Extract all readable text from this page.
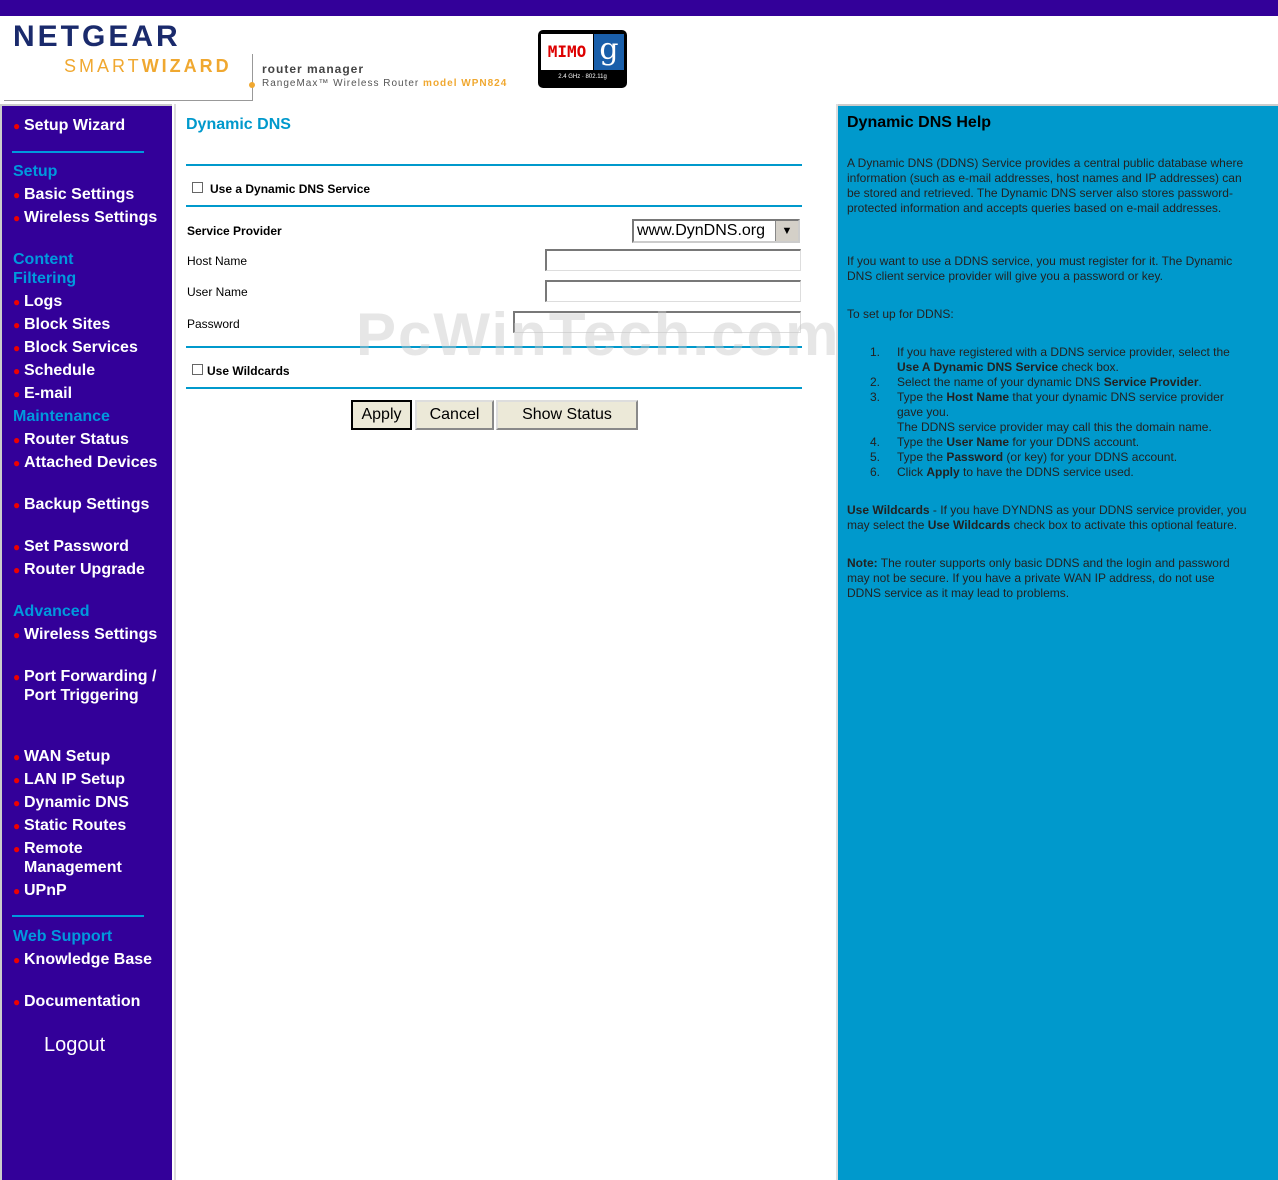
NETGEAR
SMARTWIZARD	router manager
RangeMax™ Wireless Router model WPN824
MIMO g
2.4 GHz · 802.11g
● Setup Wizard
Setup
● Basic Settings
● Wireless Settings
Content Filtering
● Logs
● Block Sites
● Block Services
● Schedule
● E-mail
Maintenance
● Router Status
● Attached Devices
● Backup Settings
● Set Password
● Router Upgrade
Advanced
● Wireless Settings
● Port Forwarding / Port Triggering
● WAN Setup
● LAN IP Setup
● Dynamic DNS
● Static Routes
● Remote Management
● UPnP
Web Support
● Knowledge Base
● Documentation
Logout
Dynamic DNS
Use a Dynamic DNS Service
Service Provider	www.DynDNS.org	▼
Host Name
User Name
Password
Use Wildcards
Apply	Cancel	Show Status
Dynamic DNS Help
A Dynamic DNS (DDNS) Service provides a central public database where information (such as e-mail addresses, host names and IP addresses) can be stored and retrieved. The Dynamic DNS server also stores password-protected information and accepts queries based on e-mail addresses.
If you want to use a DDNS service, you must register for it. The Dynamic DNS client service provider will give you a password or key.
To set up for DDNS:
1.	If you have registered with a DDNS service provider, select the Use A Dynamic DNS Service check box.
2.	Select the name of your dynamic DNS Service Provider.
3.	Type the Host Name that your dynamic DNS service provider gave you.
The DDNS service provider may call this the domain name.
4.	Type the User Name for your DDNS account.
5.	Type the Password (or key) for your DDNS account.
6.	Click Apply to have the DDNS service used.
Use Wildcards - If you have DYNDNS as your DDNS service provider, you may select the Use Wildcards check box to activate this optional feature.
Note: The router supports only basic DDNS and the login and password may not be secure. If you have a private WAN IP address, do not use DDNS service as it may lead to problems.
PcWinTech.com
